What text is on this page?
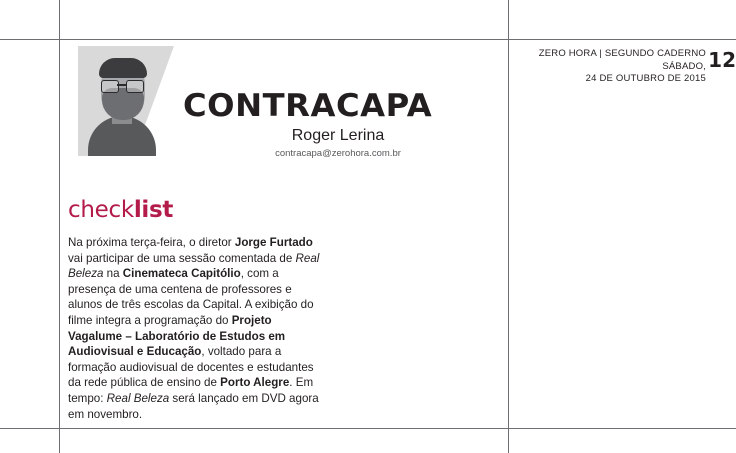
CONTRACAPA
Roger Lerina
contracapa@zerohora.com.br
ZERO HORA | SEGUNDO CADERNO
SÁBADO,
24 DE OUTUBRO DE 2015
12
checklist
Na próxima terça-feira, o diretor Jorge Furtado vai participar de uma sessão comentada de Real Beleza na Cinemateca Capitólio, com a presença de uma centena de professores e alunos de três escolas da Capital. A exibição do filme integra a programação do Projeto Vagalume – Laboratório de Estudos em Audiovisual e Educação, voltado para a formação audiovisual de docentes e estudantes da rede pública de ensino de Porto Alegre. Em tempo: Real Beleza será lançado em DVD agora em novembro.
